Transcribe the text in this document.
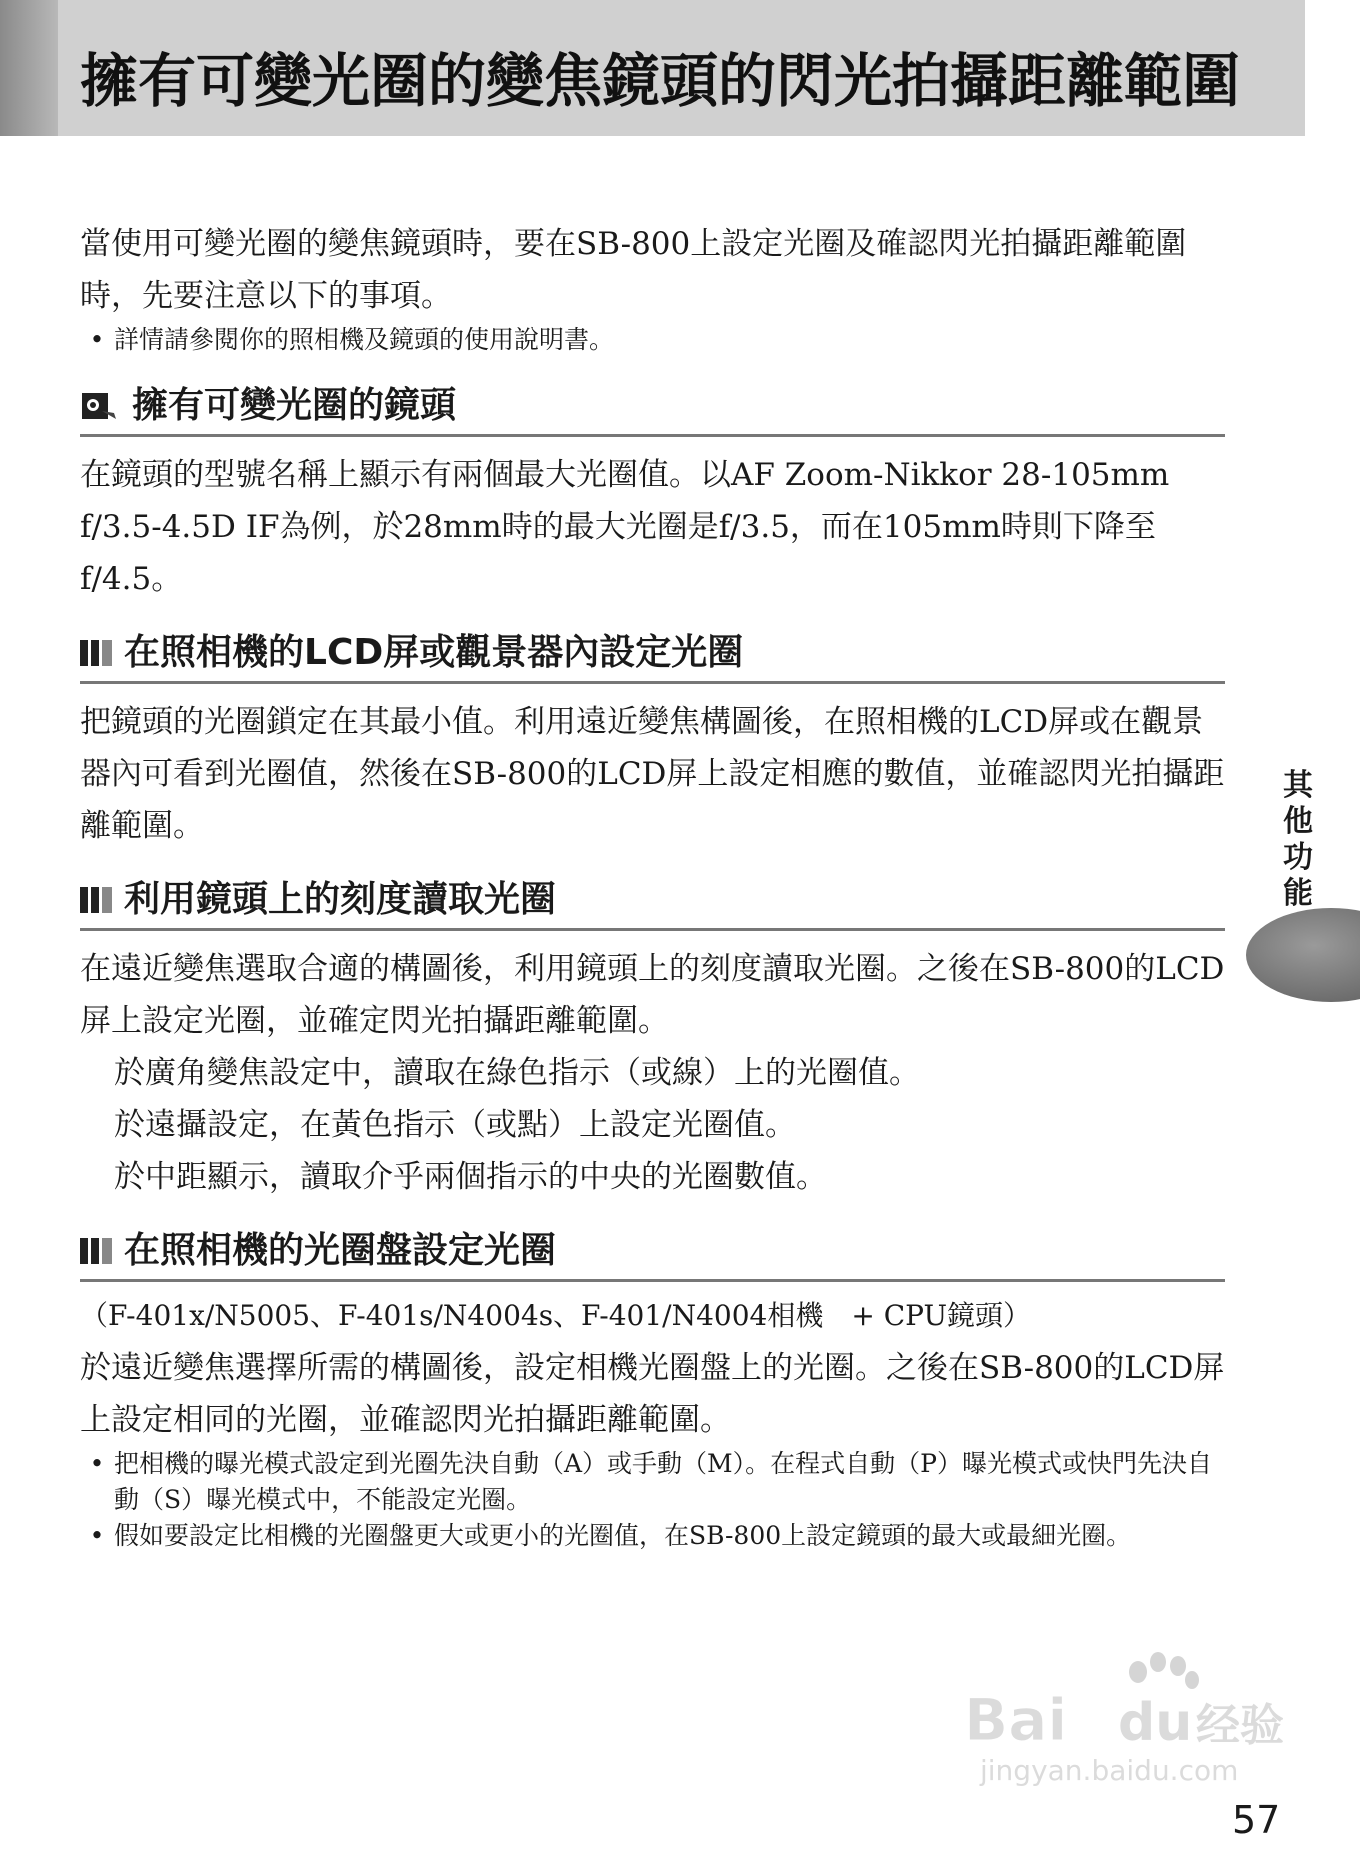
擁有可變光圈的變焦鏡頭的閃光拍攝距離範圍

當使用可變光圈的變焦鏡頭時，要在SB-800上設定光圈及確認閃光拍攝距離範圍時，先要注意以下的事項。

• 詳情請參閱你的照相機及鏡頭的使用說明書。
擁有可變光圈的鏡頭

在鏡頭的型號名稱上顯示有兩個最大光圈值。以AF Zoom-Nikkor 28-105mm f/3.5-4.5D IF為例，於28mm時的最大光圈是f/3.5，而在105mm時則下降至f/4.5。

在照相機的LCD屏或觀景器內設定光圈

把鏡頭的光圈鎖定在其最小值。利用遠近變焦構圖後，在照相機的LCD屏或在觀景器內可看到光圈值，然後在SB-800的LCD屏上設定相應的數值，並確認閃光拍攝距離範圍。

利用鏡頭上的刻度讀取光圈

在遠近變焦選取合適的構圖後，利用鏡頭上的刻度讀取光圈。之後在SB-800的LCD屏上設定光圈，並確定閃光拍攝距離範圍。

於廣角變焦設定中，讀取在綠色指示（或線）上的光圈值。

於遠攝設定，在黃色指示（或點）上設定光圈值。

於中距顯示，讀取介乎兩個指示的中央的光圈數值。

在照相機的光圈盤設定光圈

（F-401x/N5005、F-401s/N4004s、F-401/N4004相機　+ CPU鏡頭）

於遠近變焦選擇所需的構圖後，設定相機光圈盤上的光圈。之後在SB-800的LCD屏上設定相同的光圈，並確認閃光拍攝距離範圍。

• 把相機的曝光模式設定到光圈先決自動（A）或手動（M）。在程式自動（P）曝光模式或快門先決自動（S）曝光模式中，不能設定光圈。
• 假如要設定比相機的光圈盤更大或更小的光圈值，在SB-800上設定鏡頭的最大或最細光圈。
其
他
功
能
Bai du 经验
jingyan.baidu.com
57
